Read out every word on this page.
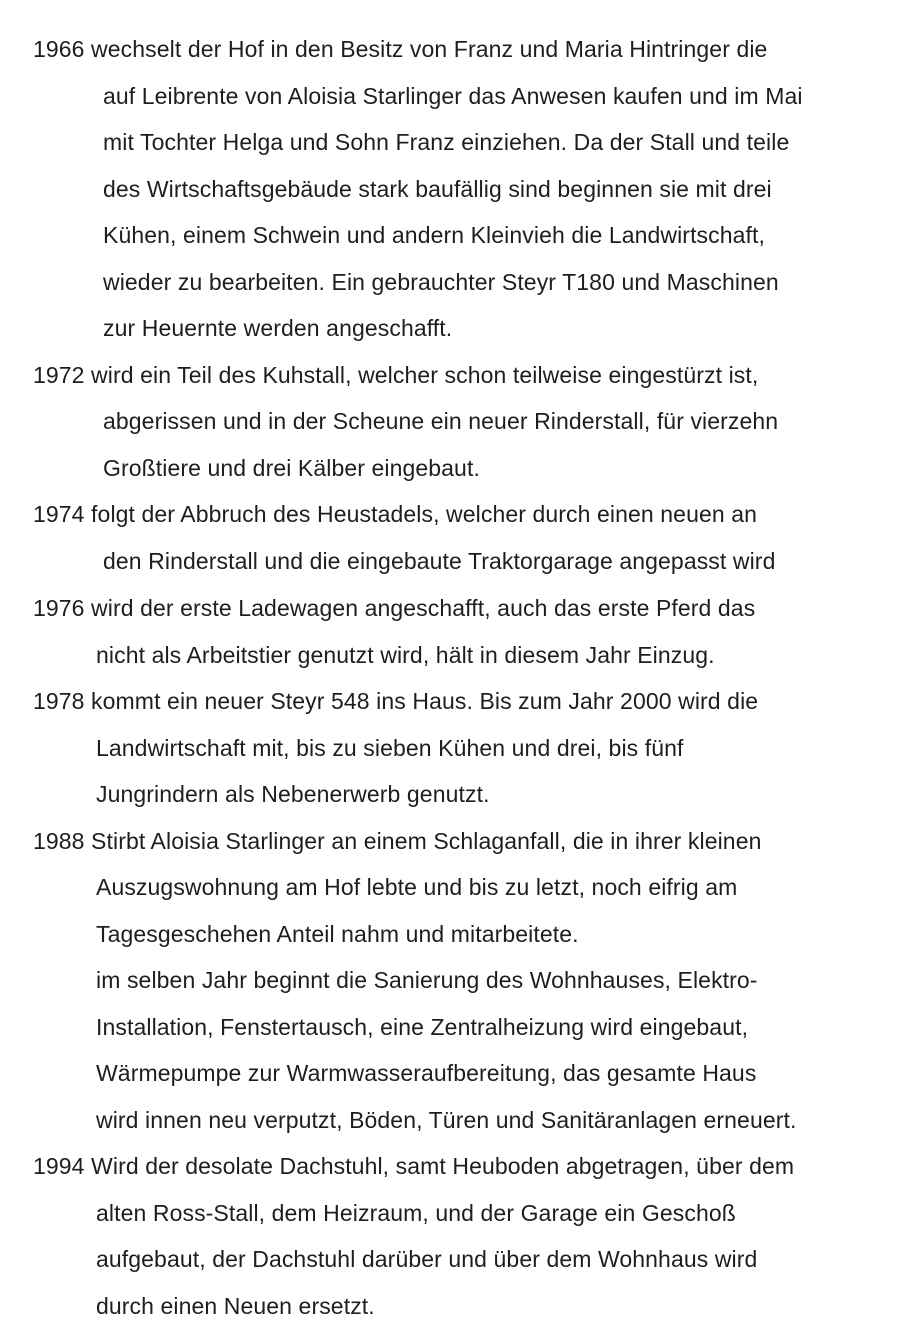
1966 wechselt der Hof in den Besitz von Franz und Maria Hintringer die
auf Leibrente von Aloisia Starlinger das Anwesen kaufen und im Mai
mit Tochter Helga und Sohn Franz einziehen. Da der Stall und teile
des Wirtschaftsgebäude stark baufällig sind beginnen sie mit drei
Kühen, einem Schwein und andern Kleinvieh die Landwirtschaft,
wieder zu bearbeiten. Ein gebrauchter Steyr T180 und Maschinen
zur Heuernte werden angeschafft.
1972 wird ein Teil des Kuhstall, welcher schon teilweise eingestürzt ist,
abgerissen und in der Scheune ein neuer Rinderstall, für vierzehn
Großtiere und drei Kälber eingebaut.
1974 folgt der Abbruch des Heustadels, welcher durch einen neuen an
den Rinderstall und die eingebaute Traktorgarage angepasst wird
1976 wird der erste Ladewagen angeschafft, auch das erste Pferd das
nicht als Arbeitstier genutzt wird, hält in diesem Jahr Einzug.
1978 kommt ein neuer Steyr 548 ins Haus. Bis zum Jahr 2000 wird die
Landwirtschaft mit, bis zu sieben Kühen und drei, bis fünf
Jungrindern als Nebenerwerb genutzt.
1988 Stirbt Aloisia Starlinger an einem Schlaganfall, die in ihrer kleinen
Auszugswohnung am Hof lebte und bis zu letzt, noch eifrig am
Tagesgeschehen Anteil nahm und mitarbeitete.
im selben Jahr beginnt die Sanierung des Wohnhauses, Elektro-
Installation, Fenstertausch, eine Zentralheizung wird eingebaut,
Wärmepumpe zur Warmwasseraufbereitung, das gesamte Haus
wird innen neu verputzt, Böden, Türen und Sanitäranlagen erneuert.
1994 Wird der desolate Dachstuhl, samt Heuboden abgetragen, über dem
alten Ross-Stall, dem Heizraum, und der Garage ein Geschoß
aufgebaut, der Dachstuhl darüber und über dem Wohnhaus wird
durch einen Neuen ersetzt.
